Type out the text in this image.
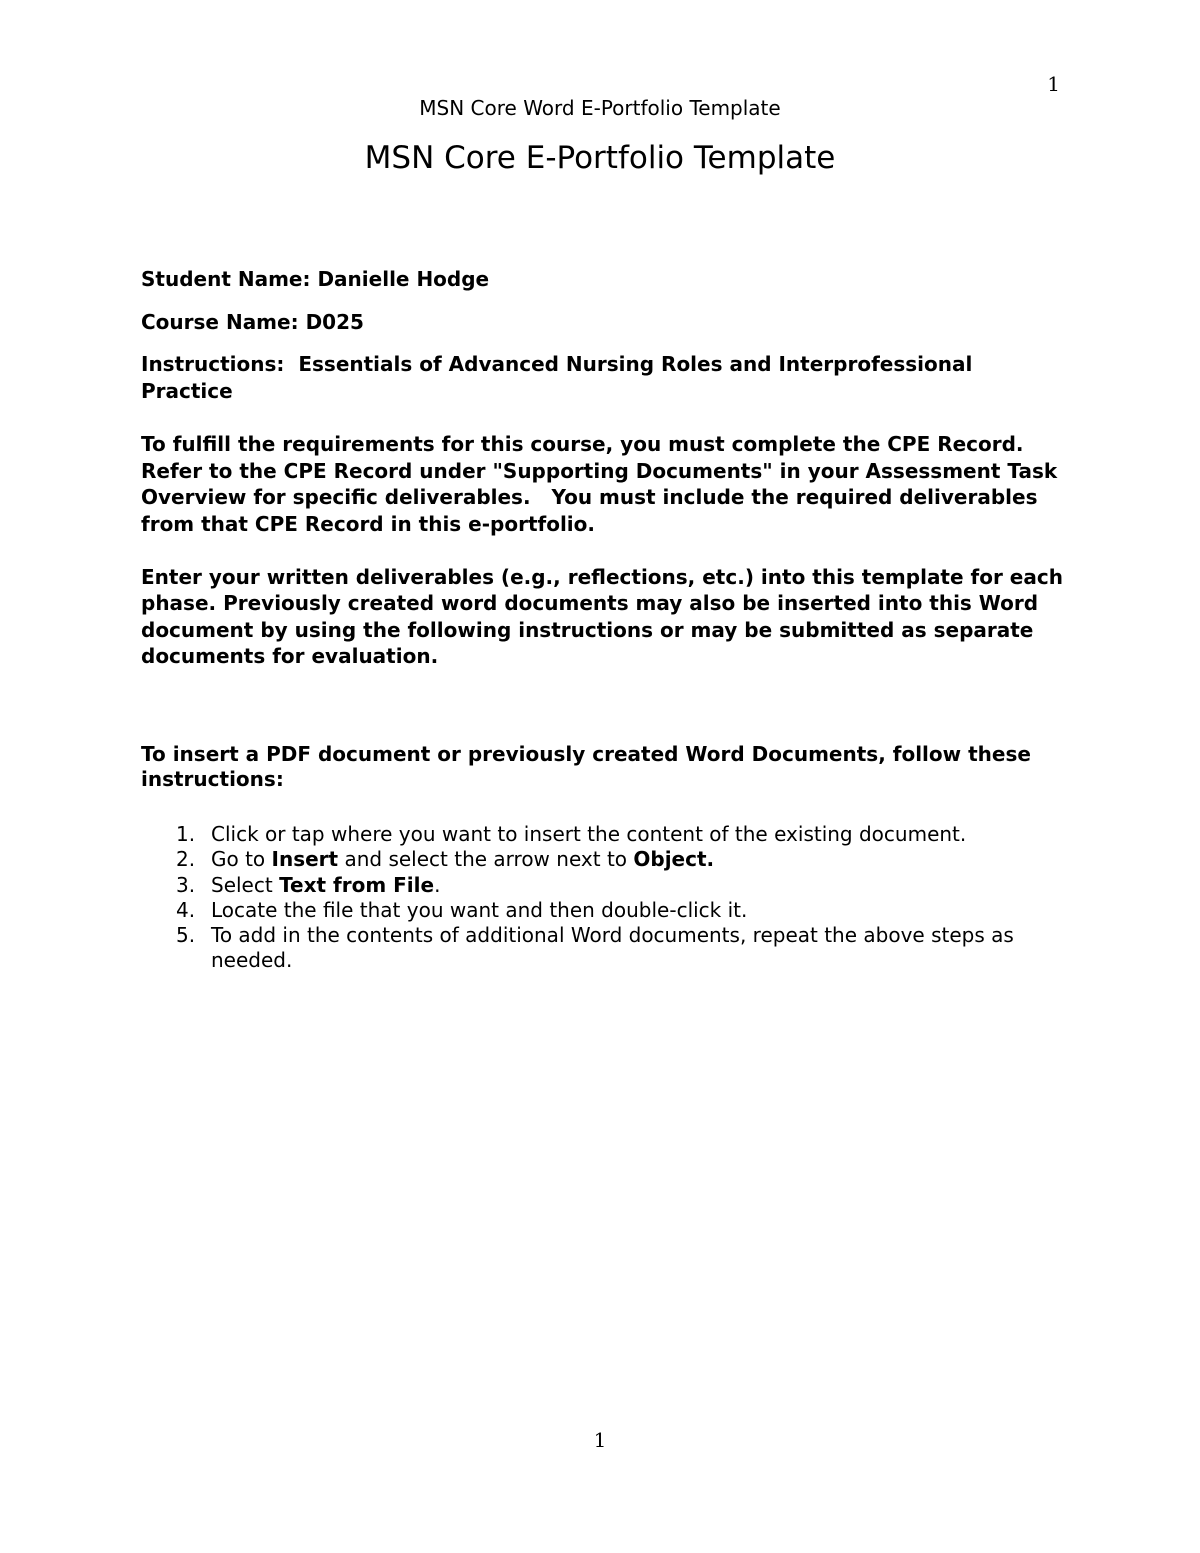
1
MSN Core Word E-Portfolio Template
MSN Core E-Portfolio Template

Student Name: Danielle Hodge

Course Name: D025

Instructions: Essentials of Advanced Nursing Roles and Interprofessional Practice

To fulfill the requirements for this course, you must complete the CPE Record.   Refer to the CPE Record under "Supporting Documents" in your Assessment Task Overview for specific deliverables.   You must include the required deliverables from that CPE Record in this e-portfolio.

Enter your written deliverables (e.g., reflections, etc.) into this template for each phase. Previously created word documents may also be inserted into this Word document by using the following instructions or may be submitted as separate documents for evaluation.

To insert a PDF document or previously created Word Documents, follow these instructions:

1. Click or tap where you want to insert the content of the existing document.
2. Go to Insert and select the arrow next to Object.
3. Select Text from File.
4. Locate the file that you want and then double-click it.
5. To add in the contents of additional Word documents, repeat the above steps as needed.
1
